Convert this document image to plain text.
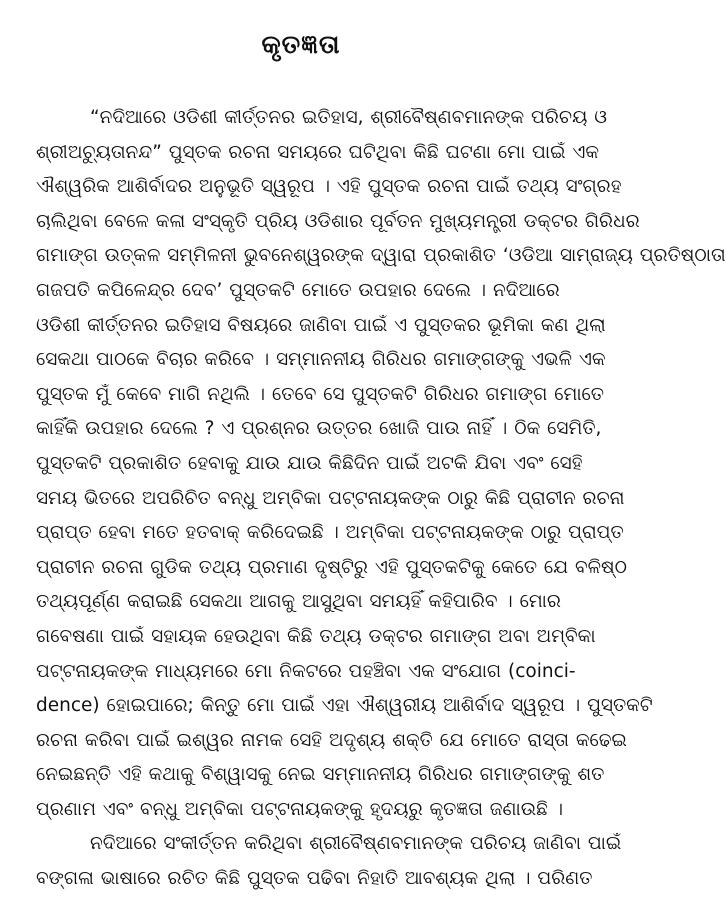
କୃତଜ୍ଞତା

“ନଦିଆରେ ଓଡିଶୀ କୀର୍ତ୍ତନର ଇତିହାସ, ଶ୍ରୀବୈଷ୍ଣବମାନଙ୍କ ପରିଚୟ ଓ
ଶ୍ରୀଅଚ୍ୟୁତାନନ୍ଦ” ପୁସ୍ତକ ରଚନା ସମୟରେ ଘଟିଥିବା କିଛି ଘଟଣା ମୋ ପାଇଁ ଏକ
ଐଶ୍ୱରିକ ଆଶିର୍ବାଦର ଅନୁଭୂତି ସ୍ୱରୂପ । ଏହି ପୁସ୍ତକ ରଚନା ପାଇଁ ତଥ୍ୟ ସଂଗ୍ରହ
ଚାଲିଥିବା ବେଳେ କଳା ସଂସ୍କୃତି ପ୍ରିୟ ଓଡିଶାର ପୂର୍ବତନ ମୁଖ୍ୟମନ୍ତ୍ରୀ ଡକ୍ଟର ଗିରିଧର
ଗମାଙ୍ଗ ଉତ୍କଳ ସମ୍ମିଳନୀ ଭୁବନେଶ୍ୱରଙ୍କ ଦ୍ୱାରା ପ୍ରକାଶିତ ‘ଓଡିଆ ସାମ୍ରାଜ୍ୟ ପ୍ରତିଷ୍ଠାତା
ଗଜପତି କପିଳେନ୍ଦ୍ର ଦେବ’ ପୁସ୍ତକଟି ମୋତେ ଉପହାର ଦେଲେ । ନଦିଆରେ
ଓଡିଶୀ କୀର୍ତ୍ତନର ଇତିହାସ ବିଷୟରେ ଜାଣିବା ପାଇଁ ଏ ପୁସ୍ତକର ଭୂମିକା କଣ ଥିଲା
ସେକଥା ପାଠକେ ବିଚାର କରିବେ । ସମ୍ମାନନୀୟ ଗିରିଧର ଗମାଙ୍ଗଙ୍କୁ ଏଭଳି ଏକ
ପୁସ୍ତକ ମୁଁ କେବେ ମାଗି ନଥିଲି । ତେବେ ସେ ପୁସ୍ତକଟି ଗିରିଧର ଗମାଙ୍ଗ ମୋତେ
କାହିଁକି ଉପହାର ଦେଲେ ? ଏ ପ୍ରଶ୍ନର ଉତ୍ତର ଖୋଜି ପାଉ ନାହିଁ । ଠିକ ସେମିତି,
ପୁସ୍ତକଟି ପ୍ରକାଶିତ ହେବାକୁ ଯାଉ ଯାଉ କିଛିଦିନ ପାଇଁ ଅଟକି ଯିବା ଏବଂ ସେହି
ସମୟ ଭିତରେ ଅପରିଚିତ ବନ୍ଧୁ ଅମ୍ବିକା ପଟ୍ଟନାୟକଙ୍କ ଠାରୁ କିଛି ପ୍ରାଚୀନ ରଚନା
ପ୍ରାପ୍ତ ହେବା ମତେ ହତବାକ୍ କରିଦେଇଛି । ଅମ୍ବିକା ପଟ୍ଟନାୟକଙ୍କ ଠାରୁ ପ୍ରାପ୍ତ
ପ୍ରାଚୀନ ରଚନା ଗୁଡିକ ତଥ୍ୟ ପ୍ରମାଣ ଦୃଷ୍ଟିରୁ ଏହି ପୁସ୍ତକଟିକୁ କେତେ ଯେ ବଳିଷ୍ଠ
ତଥ୍ୟପୂର୍ଣ୍ଣ କରାଇଛି ସେକଥା ଆଗକୁ ଆସୁଥିବା ସମୟହିଁ କହିପାରିବ । ମୋର
ଗବେଷଣା ପାଇଁ ସହାୟକ ହେଉଥିବା କିଛି ତଥ୍ୟ ଡକ୍ଟର ଗମାଙ୍ଗ ଅବା ଅମ୍ବିକା
ପଟ୍ଟନାୟକଙ୍କ ମାଧ୍ୟମରେ ମୋ ନିକଟରେ ପହଞ୍ଚିବା ଏକ ସଂଯୋଗ (coinci-
dence) ହୋଇପାରେ; କିନ୍ତୁ ମୋ ପାଇଁ ଏହା ଐଶ୍ୱରୀୟ ଆଶିର୍ବାଦ ସ୍ୱରୂପ । ପୁସ୍ତକଟି
ରଚନା କରିବା ପାଇଁ ଇଶ୍ୱର ନାମକ ସେହି ଅଦୃଶ୍ୟ ଶକ୍ତି ଯେ ମୋତେ ରାସ୍ତା କଢେଇ
ନେଇଛନ୍ତି ଏହି କଥାକୁ ବିଶ୍ୱାସକୁ ନେଇ ସମ୍ମାନନୀୟ ଗିରିଧର ଗମାଙ୍ଗଙ୍କୁ ଶତ
ପ୍ରଣାମ ଏବଂ ବନ୍ଧୁ ଅମ୍ବିକା ପଟ୍ଟନାୟକଙ୍କୁ ହୃଦୟରୁ କୃତଜ୍ଞତା ଜଣାଉଛି ।

ନଦିଆରେ ସଂକୀର୍ତ୍ତନ କରିଥିବା ଶ୍ରୀବୈଷ୍ଣବମାନଙ୍କ ପରିଚୟ ଜାଣିବା ପାଇଁ
ବଙ୍ଗଳା ଭାଷାରେ ରଚିତ କିଛି ପୁସ୍ତକ ପଢିବା ନିହାତି ଆବଶ୍ୟକ ଥିଲା । ପରିଣତ
